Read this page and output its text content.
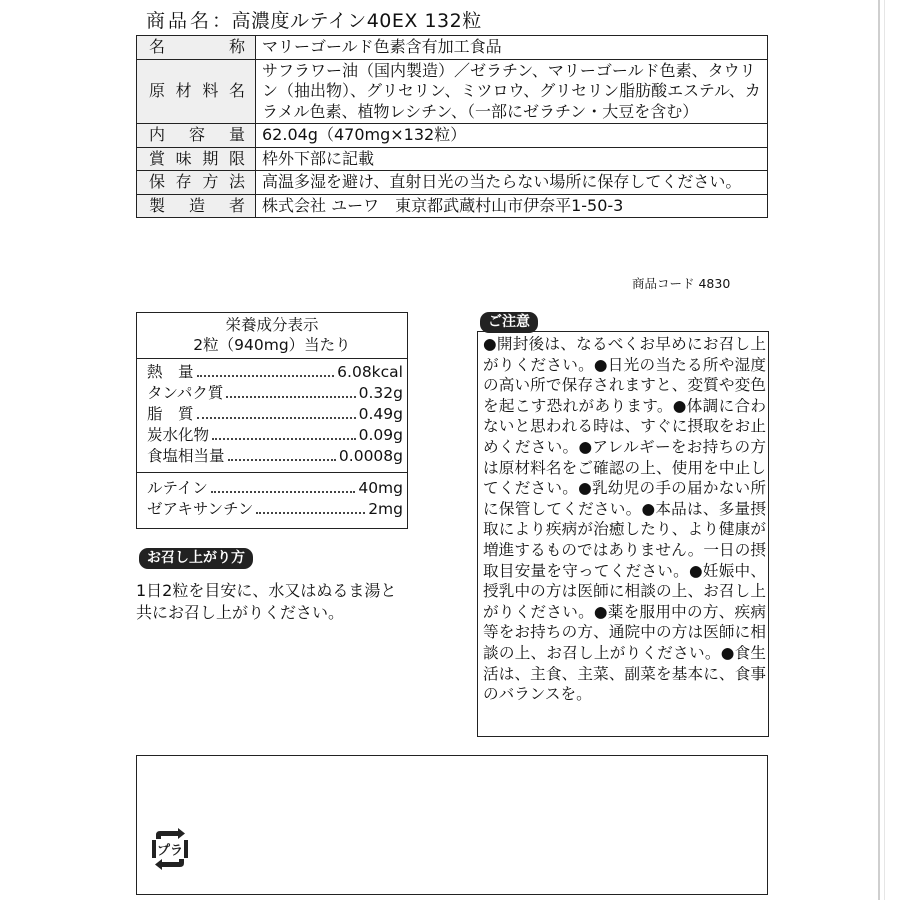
商品名：高濃度ルテイン40EX 132粒
名称	マリーゴールド色素含有加工食品
原材料名	サフラワー油（国内製造）／ゼラチン、マリーゴールド色素、タウリン（抽出物）、グリセリン、ミツロウ、グリセリン脂肪酸エステル、カラメル色素、植物レシチン、（一部にゼラチン・大豆を含む）
内容量	62.04g（470mg×132粒）
賞味期限	枠外下部に記載
保存方法	高温多湿を避け、直射日光の当たらない場所に保存してください。
製造者	株式会社 ユーワ　東京都武蔵村山市伊奈平1-50-3
商品コード 4830
栄養成分表示
2粒（940mg）当たり
熱　量	6.08kcal
タンパク質	0.32g
脂　質	0.49g
炭水化物	0.09g
食塩相当量	0.0008g
ルテイン	40mg
ゼアキサンチン	2mg
お召し上がり方
1日2粒を目安に、水又はぬるま湯と共にお召し上がりください。
ご注意
●開封後は、なるべくお早めにお召し上がりください。●日光の当たる所や湿度の高い所で保存されますと、変質や変色を起こす恐れがあります。●体調に合わないと思われる時は、すぐに摂取をお止めください。●アレルギーをお持ちの方は原材料名をご確認の上、使用を中止してください。●乳幼児の手の届かない所に保管してください。●本品は、多量摂取により疾病が治癒したり、より健康が増進するものではありません。一日の摂取目安量を守ってください。●妊娠中、授乳中の方は医師に相談の上、お召し上がりください。●薬を服用中の方、疾病等をお持ちの方、通院中の方は医師に相談の上、お召し上がりください。●食生活は、主食、主菜、副菜を基本に、食事のバランスを。
プラ
